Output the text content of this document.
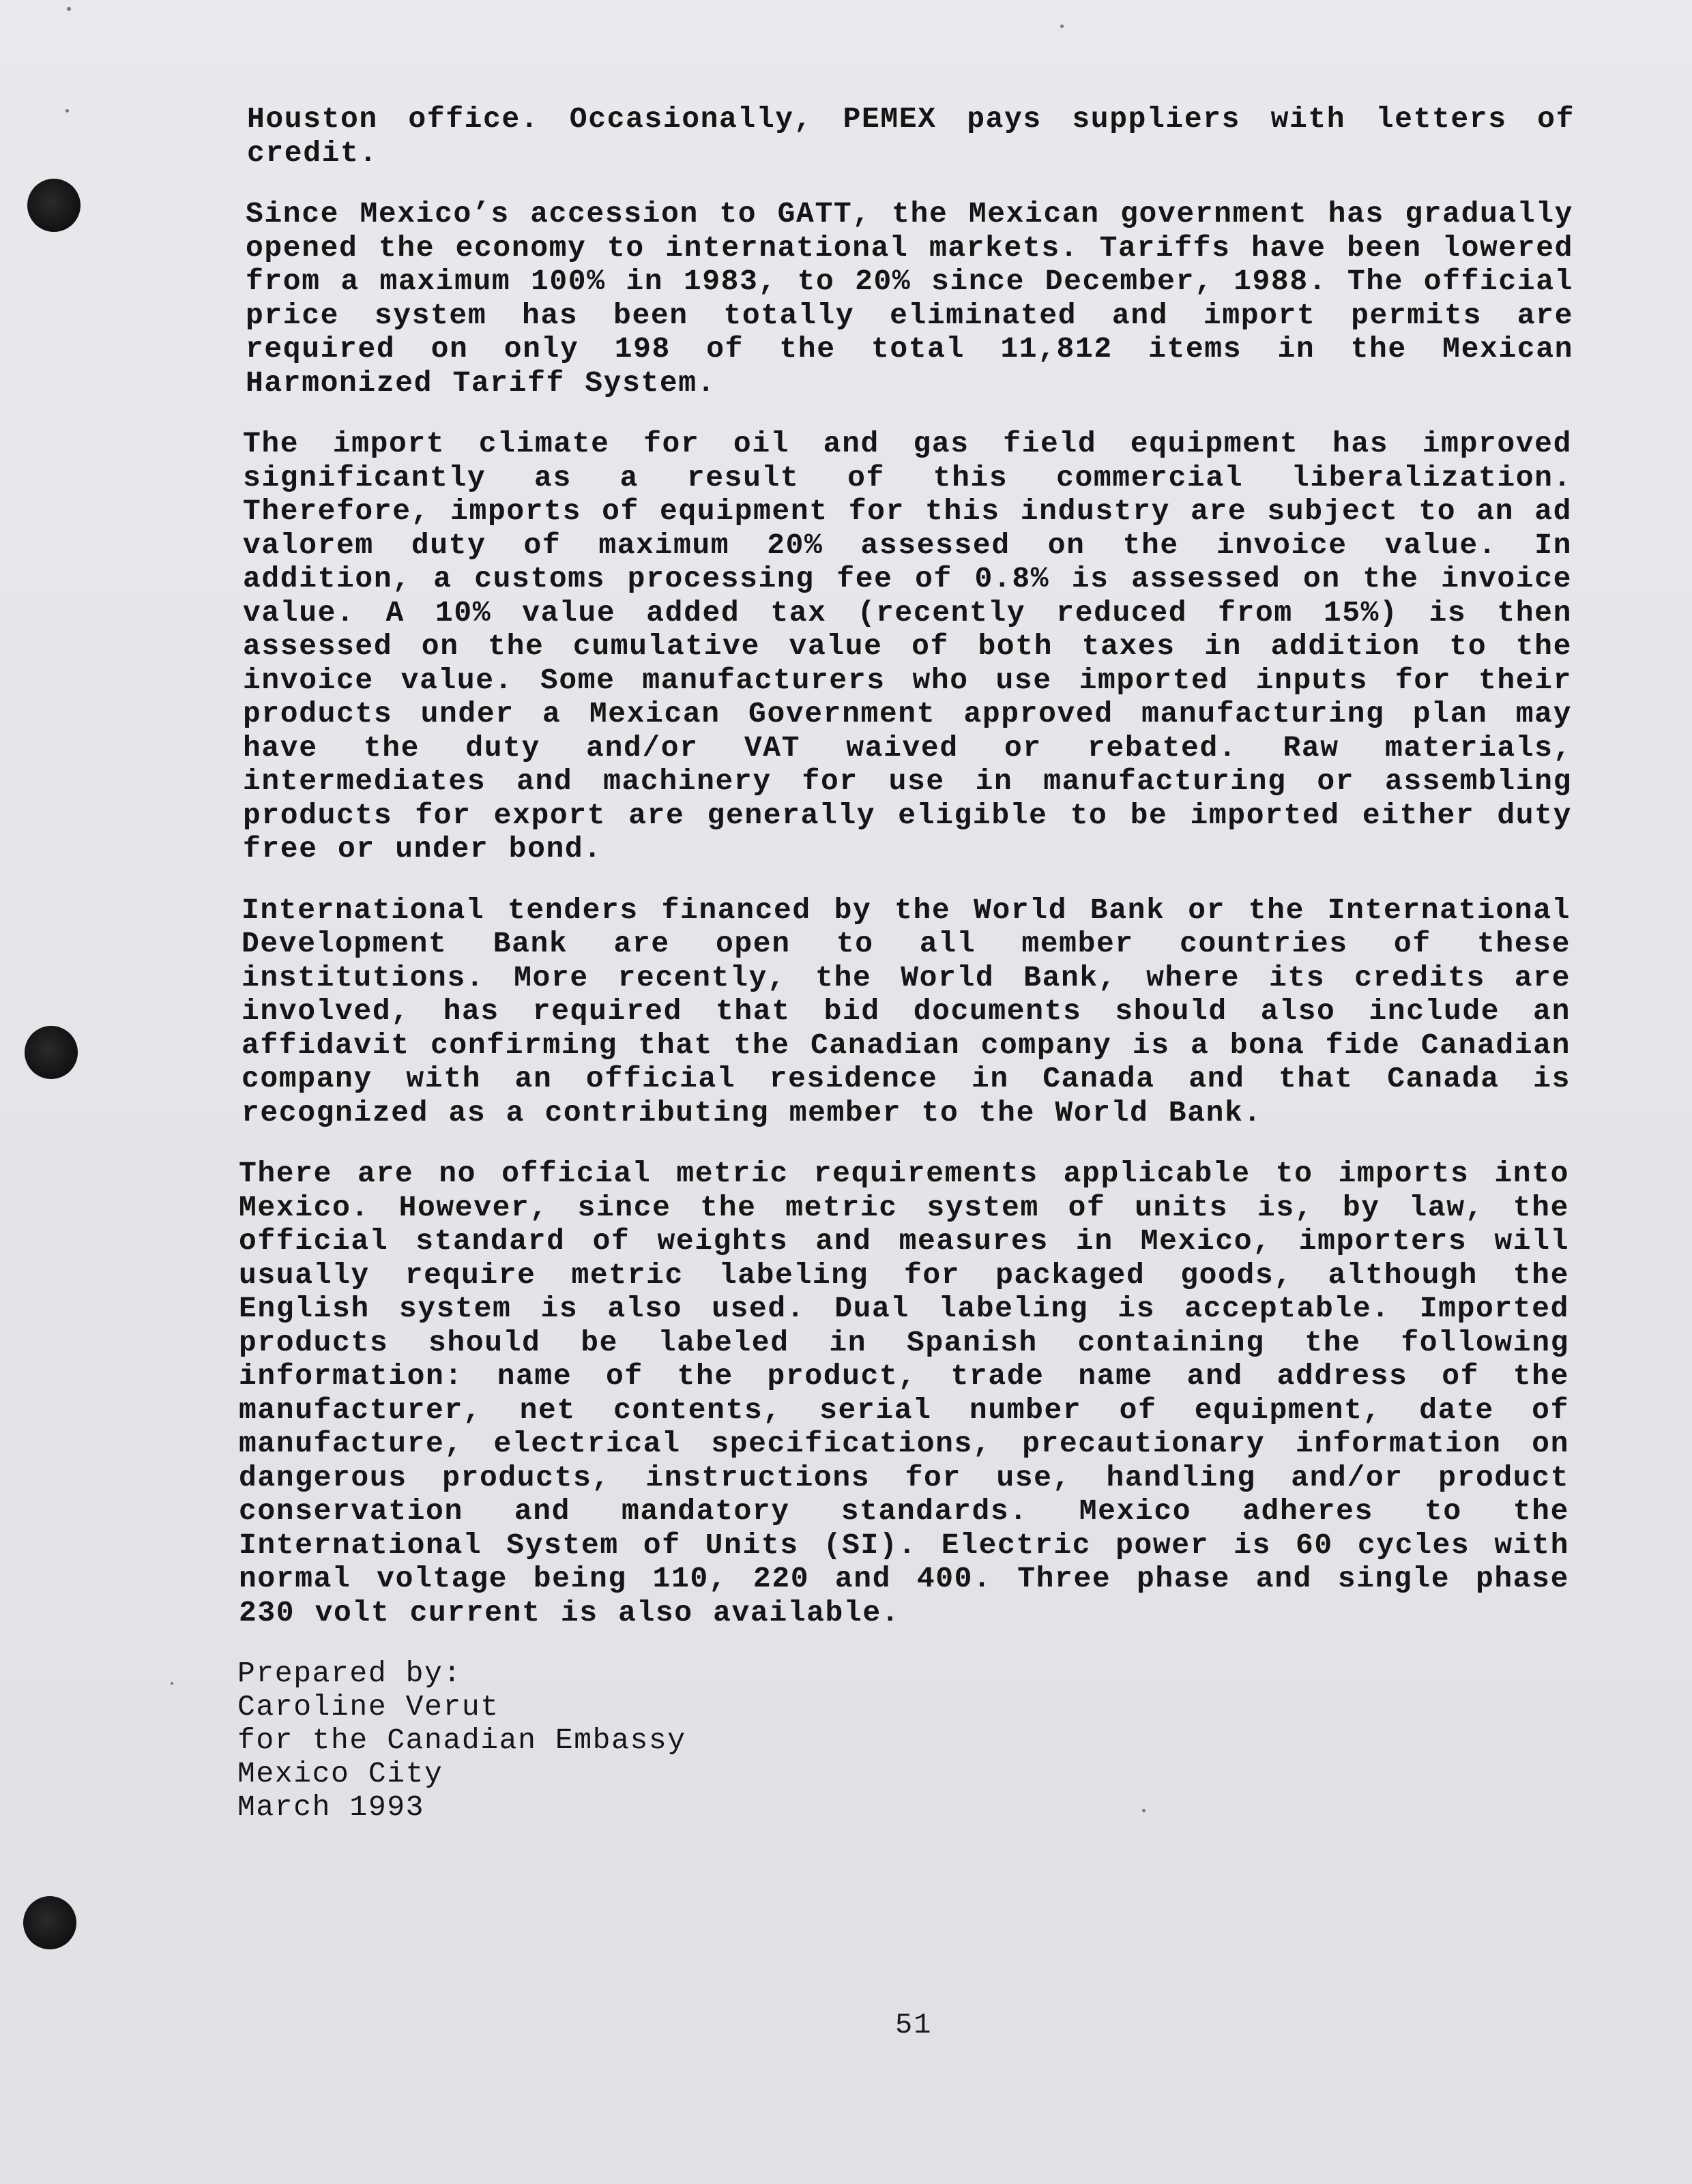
Houston office. Occasionally, PEMEX pays suppliers with letters of credit.

Since Mexico’s accession to GATT, the Mexican government has gradually opened the economy to international markets. Tariffs have been lowered from a maximum 100% in 1983, to 20% since December, 1988. The official price system has been totally eliminated and import permits are required on only 198 of the total 11,812 items in the Mexican Harmonized Tariff System.

The import climate for oil and gas field equipment has improved significantly as a result of this commercial liberalization. Therefore, imports of equipment for this industry are subject to an ad valorem duty of maximum 20% assessed on the invoice value. In addition, a customs processing fee of 0.8% is assessed on the invoice value. A 10% value added tax (recently reduced from 15%) is then assessed on the cumulative value of both taxes in addition to the invoice value. Some manufacturers who use imported inputs for their products under a Mexican Government approved manufacturing plan may have the duty and/or VAT waived or rebated. Raw materials, intermediates and machinery for use in manufacturing or assembling products for export are generally eligible to be imported either duty free or under bond.

International tenders financed by the World Bank or the International Development Bank are open to all member countries of these institutions. More recently, the World Bank, where its credits are involved, has required that bid documents should also include an affidavit confirming that the Canadian company is a bona fide Canadian company with an official residence in Canada and that Canada is recognized as a contributing member to the World Bank.

There are no official metric requirements applicable to imports into Mexico. However, since the metric system of units is, by law, the official standard of weights and measures in Mexico, importers will usually require metric labeling for packaged goods, although the English system is also used. Dual labeling is acceptable. Imported products should be labeled in Spanish containing the following information: name of the product, trade name and address of the manufacturer, net contents, serial number of equipment, date of manufacture, electrical specifications, precautionary information on dangerous products, instructions for use, handling and/or product conservation and mandatory standards. Mexico adheres to the International System of Units (SI). Electric power is 60 cycles with normal voltage being 110, 220 and 400. Three phase and single phase 230 volt current is also available.

Prepared by:
Caroline Verut
for the Canadian Embassy
Mexico City
March 1993
51
